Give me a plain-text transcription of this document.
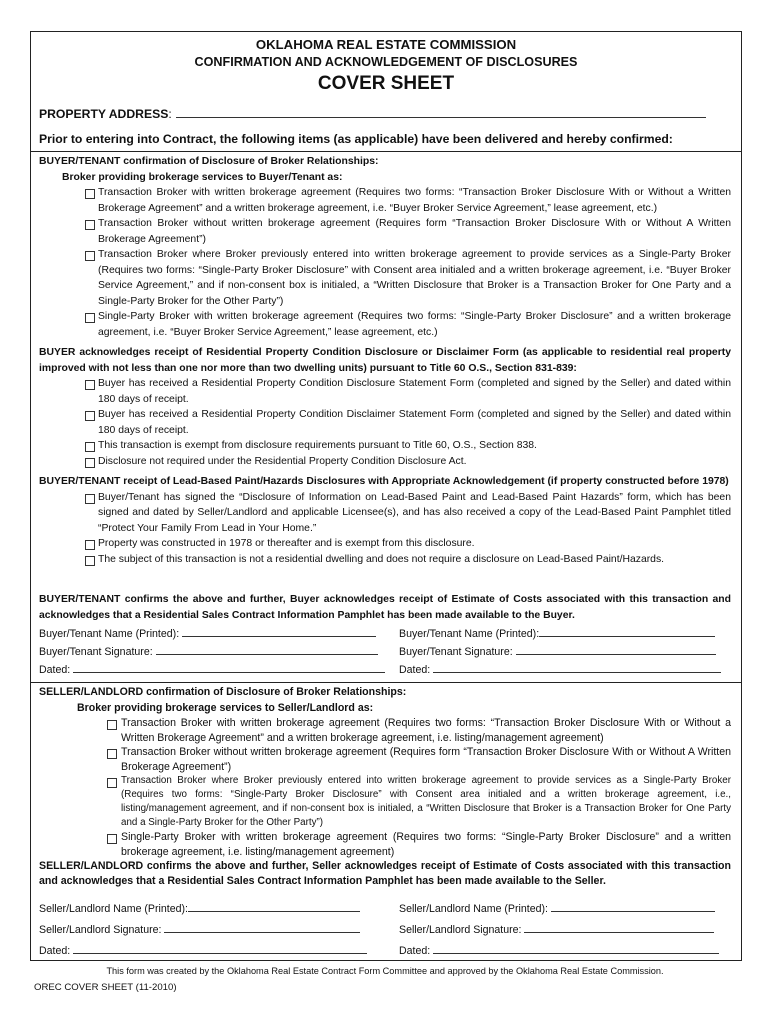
OKLAHOMA REAL ESTATE COMMISSION
CONFIRMATION AND ACKNOWLEDGEMENT OF DISCLOSURES
COVER SHEET
PROPERTY ADDRESS:
Prior to entering into Contract, the following items (as applicable) have been delivered and hereby confirmed:
BUYER/TENANT confirmation of Disclosure of Broker Relationships:
Broker providing brokerage services to Buyer/Tenant as:
Transaction Broker with written brokerage agreement (Requires two forms: “Transaction Broker Disclosure With or Without a Written Brokerage Agreement” and a written brokerage agreement, i.e. “Buyer Broker Service Agreement,” lease agreement, etc.)
Transaction Broker without written brokerage agreement (Requires form “Transaction Broker Disclosure With or Without A Written Brokerage Agreement”)
Transaction Broker where Broker previously entered into written brokerage agreement to provide services as a Single-Party Broker (Requires two forms: “Single-Party Broker Disclosure” with Consent area initialed and a written brokerage agreement, i.e. “Buyer Broker Service Agreement,” and if non-consent box is initialed, a “Written Disclosure that Broker is a Transaction Broker for One Party and a Single-Party Broker for the Other Party”)
Single-Party Broker with written brokerage agreement (Requires two forms: “Single-Party Broker Disclosure” and a written brokerage agreement, i.e. “Buyer Broker Service Agreement,” lease agreement, etc.)
BUYER acknowledges receipt of Residential Property Condition Disclosure or Disclaimer Form (as applicable to residential real property improved with not less than one nor more than two dwelling units) pursuant to Title 60 O.S., Section 831-839:
Buyer has received a Residential Property Condition Disclosure Statement Form (completed and signed by the Seller) and dated within 180 days of receipt.
Buyer has received a Residential Property Condition Disclaimer Statement Form (completed and signed by the Seller) and dated within 180 days of receipt.
This transaction is exempt from disclosure requirements pursuant to Title 60, O.S., Section 838.
Disclosure not required under the Residential Property Condition Disclosure Act.
BUYER/TENANT receipt of Lead-Based Paint/Hazards Disclosures with Appropriate Acknowledgement (if property constructed before 1978)
Buyer/Tenant has signed the “Disclosure of Information on Lead-Based Paint and Lead-Based Paint Hazards” form, which has been signed and dated by Seller/Landlord and applicable Licensee(s), and has also received a copy of the Lead-Based Paint Pamphlet titled “Protect Your Family From Lead in Your Home.”
Property was constructed in 1978 or thereafter and is exempt from this disclosure.
The subject of this transaction is not a residential dwelling and does not require a disclosure on Lead-Based Paint/Hazards.
BUYER/TENANT confirms the above and further, Buyer acknowledges receipt of Estimate of Costs associated with this transaction and acknowledges that a Residential Sales Contract Information Pamphlet has been made available to the Buyer.
Buyer/Tenant Name (Printed):	Buyer/Tenant Name (Printed):
Buyer/Tenant Signature:	Buyer/Tenant Signature:
Dated:	Dated:
SELLER/LANDLORD confirmation of Disclosure of Broker Relationships:
Broker providing brokerage services to Seller/Landlord as:
Transaction Broker with written brokerage agreement (Requires two forms: “Transaction Broker Disclosure With or Without a Written Brokerage Agreement” and a written brokerage agreement, i.e. listing/management agreement)
Transaction Broker without written brokerage agreement (Requires form “Transaction Broker Disclosure With or Without A Written Brokerage Agreement”)
Transaction Broker where Broker previously entered into written brokerage agreement to provide services as a Single-Party Broker (Requires two forms: “Single-Party Broker Disclosure” with Consent area initialed and a written brokerage agreement, i.e., listing/management agreement, and if non-consent box is initialed, a “Written Disclosure that Broker is a Transaction Broker for One Party and a Single-Party Broker for the Other Party”)
Single-Party Broker with written brokerage agreement (Requires two forms: “Single-Party Broker Disclosure” and a written brokerage agreement, i.e. listing/management agreement)
SELLER/LANDLORD confirms the above and further, Seller acknowledges receipt of Estimate of Costs associated with this transaction and acknowledges that a Residential Sales Contract Information Pamphlet has been made available to the Seller.
Seller/Landlord Name (Printed):	Seller/Landlord Name (Printed):
Seller/Landlord Signature:	Seller/Landlord Signature:
Dated:	Dated:
This form was created by the Oklahoma Real Estate Contract Form Committee and approved by the Oklahoma Real Estate Commission.
OREC COVER SHEET (11-2010)
